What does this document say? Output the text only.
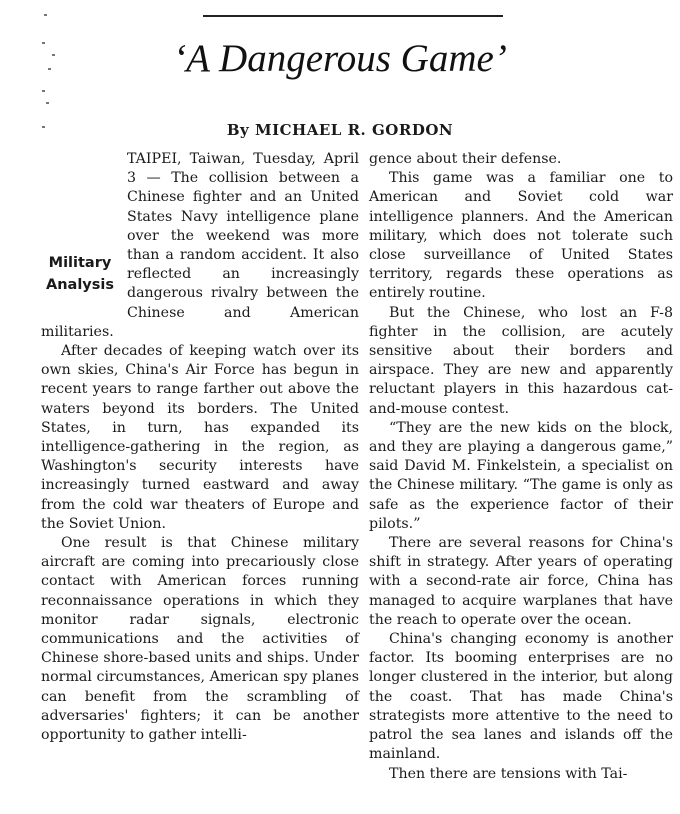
‘A Dangerous Game’
By MICHAEL R. GORDON

Military
Analysis
TAIPEI, Taiwan, Tuesday, April 3 — The collision between a Chinese fighter and an United States Navy intelligence plane over the weekend was more than a random accident. It also reflected an increasingly dangerous rivalry between the Chinese and American militaries.

After decades of keeping watch over its own skies, China's Air Force has begun in recent years to range farther out above the waters beyond its borders. The United States, in turn, has expanded its intelligence-gathering in the region, as Washington's security interests have increasingly turned eastward and away from the cold war theaters of Europe and the Soviet Union.

One result is that Chinese military aircraft are coming into precariously close contact with American forces running reconnaissance operations in which they monitor radar signals, electronic communications and the activities of Chinese shore-based units and ships. Under normal circumstances, American spy planes can benefit from the scrambling of adversaries' fighters; it can be another opportunity to gather intelli-

gence about their defense.

This game was a familiar one to American and Soviet cold war intelligence planners. And the American military, which does not tolerate such close surveillance of United States territory, regards these operations as entirely routine.

But the Chinese, who lost an F-8 fighter in the collision, are acutely sensitive about their borders and airspace. They are new and apparently reluctant players in this hazardous cat-and-mouse contest.

“They are the new kids on the block, and they are playing a dangerous game,” said David M. Finkelstein, a specialist on the Chinese military. “The game is only as safe as the experience factor of their pilots.”

There are several reasons for China's shift in strategy. After years of operating with a second-rate air force, China has managed to acquire warplanes that have the reach to operate over the ocean.

China's changing economy is another factor. Its booming enterprises are no longer clustered in the interior, but along the coast. That has made China's strategists more attentive to the need to patrol the sea lanes and islands off the mainland.

Then there are tensions with Tai-
